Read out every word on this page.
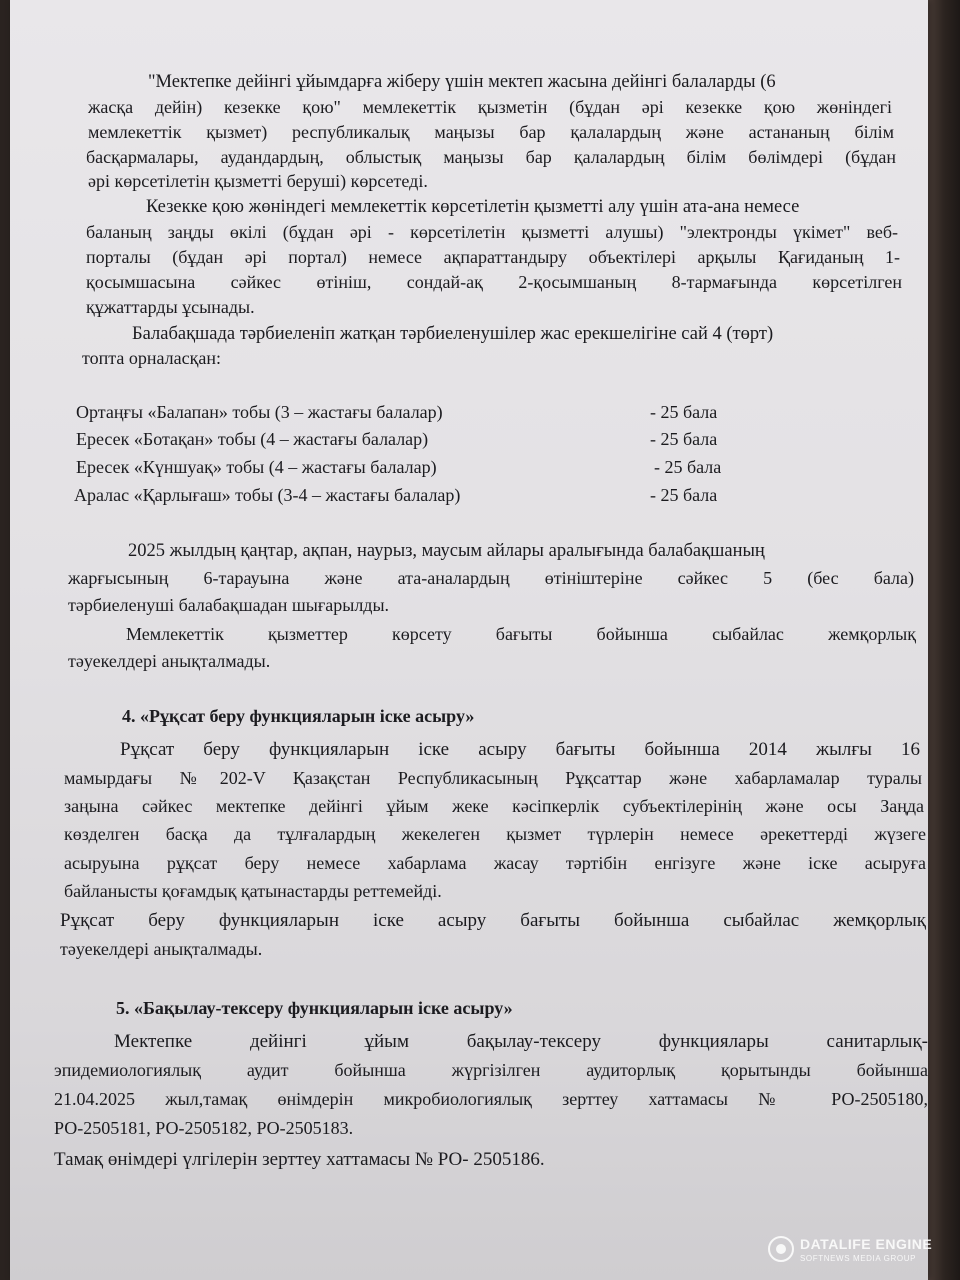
"Мектепке дейінгі ұйымдарға жіберу үшін мектеп жасына дейінгі балаларды (6
жасқа дейін) кезекке қою" мемлекеттік қызметін (бұдан әрі кезекке қою жөніндегі
мемлекеттік қызмет) республикалық маңызы бар қалалардың және астананың білім
басқармалары, аудандардың, облыстық маңызы бар қалалардың білім бөлімдері (бұдан
әрі көрсетілетін қызметті беруші) көрсетеді.
Кезекке қою жөніндегі мемлекеттік көрсетілетін қызметті алу үшін ата-ана немесе
баланың заңды өкілі (бұдан әрі - көрсетілетін қызметті алушы) "электронды үкімет" веб-
порталы (бұдан әрі портал) немесе ақпараттандыру объектілері арқылы Қағиданың 1-
қосымшасына сәйкес өтініш, сондай-ақ 2-қосымшаның 8-тармағында көрсетілген
құжаттарды ұсынады.
Балабақшада тәрбиеленіп жатқан тәрбиеленушілер жас ерекшелігіне сай 4 (төрт)
топта орналасқан:
Ортаңғы «Балапан» тобы (3 – жастағы балалар)	- 25 бала
Ересек «Ботақан» тобы (4 – жастағы балалар)	- 25 бала
Ересек «Күншуақ» тобы (4 – жастағы балалар)	- 25 бала
Аралас «Қарлығаш» тобы (3-4 – жастағы балалар)	- 25 бала
2025 жылдың қаңтар, ақпан, наурыз, маусым айлары аралығында балабақшаның
жарғысының 6-тарауына және ата-аналардың өтініштеріне сәйкес 5 (бес бала)
тәрбиеленуші балабақшадан шығарылды.
Мемлекеттік қызметтер көрсету бағыты бойынша сыбайлас жемқорлық
тәуекелдері анықталмады.
4. «Рұқсат беру функцияларын іске асыру»
Рұқсат беру функцияларын іске асыру бағыты бойынша 2014 жылғы 16
мамырдағы №202-V Қазақстан Республикасының Рұқсаттар және хабарламалар туралы
заңына сәйкес мектепке дейінгі ұйым жеке кәсіпкерлік субъектілерінің және осы Заңда
көзделген басқа да тұлғалардың жекелеген қызмет түрлерін немесе әрекеттерді жүзеге
асыруына рұқсат беру немесе хабарлама жасау тәртібін енгізуге және іске асыруға
байланысты қоғамдық қатынастарды реттемейді.
Рұқсат беру функцияларын іске асыру бағыты бойынша сыбайлас жемқорлық
тәуекелдері анықталмады.
5. «Бақылау-тексеру функцияларын іске асыру»
Мектепке дейінгі ұйым бақылау-тексеру функциялары санитарлық-
эпидемиологиялық аудит бойынша жүргізілген аудиторлық қорытынды бойынша
21.04.2025 жыл,тамақ өнімдерін микробиологиялық зерттеу хаттамасы № РО-2505180,
РО-2505181, РО-2505182, РО-2505183.
Тамақ өнімдері үлгілерін зерттеу хаттамасы № РО- 2505186.
DATALIFE ENGINE
SOFTNEWS MEDIA GROUP
